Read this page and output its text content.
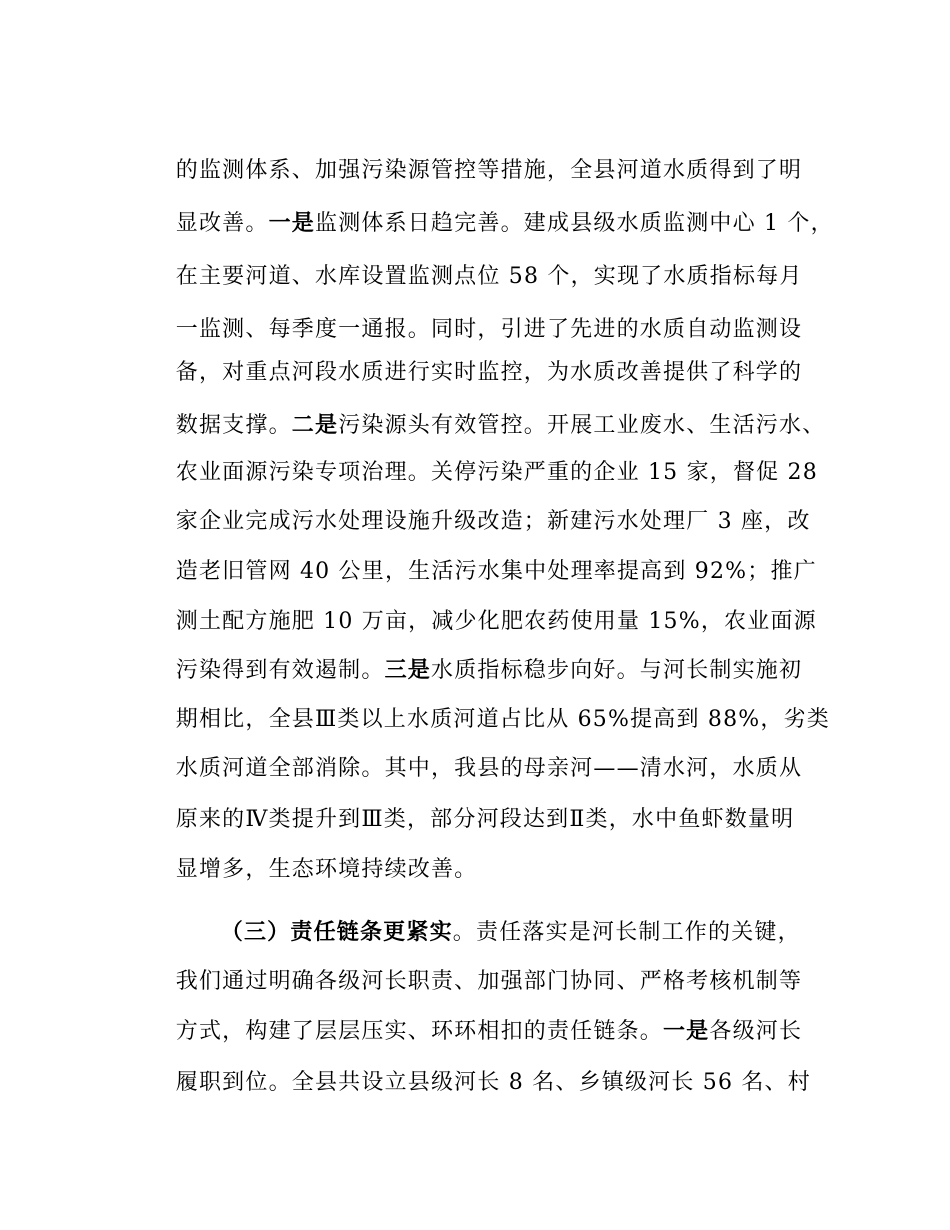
的监测体系、加强污染源管控等措施，全县河道水质得到了明

显改善。一是监测体系日趋完善。建成县级水质监测中心 1 个，

在主要河道、水库设置监测点位 58 个，实现了水质指标每月

一监测、每季度一通报。同时，引进了先进的水质自动监测设

备，对重点河段水质进行实时监控，为水质改善提供了科学的

数据支撑。二是污染源头有效管控。开展工业废水、生活污水、

农业面源污染专项治理。关停污染严重的企业 15 家，督促 28

家企业完成污水处理设施升级改造；新建污水处理厂 3 座，改

造老旧管网 40 公里，生活污水集中处理率提高到 92%；推广

测土配方施肥 10 万亩，减少化肥农药使用量 15%，农业面源

污染得到有效遏制。三是水质指标稳步向好。与河长制实施初

期相比，全县Ⅲ类以上水质河道占比从 65%提高到 88%，劣类

水质河道全部消除。其中，我县的母亲河——清水河，水质从

原来的Ⅳ类提升到Ⅲ类，部分河段达到Ⅱ类，水中鱼虾数量明

显增多，生态环境持续改善。

（三）责任链条更紧实。责任落实是河长制工作的关键，

我们通过明确各级河长职责、加强部门协同、严格考核机制等

方式，构建了层层压实、环环相扣的责任链条。一是各级河长

履职到位。全县共设立县级河长 8 名、乡镇级河长 56 名、村
